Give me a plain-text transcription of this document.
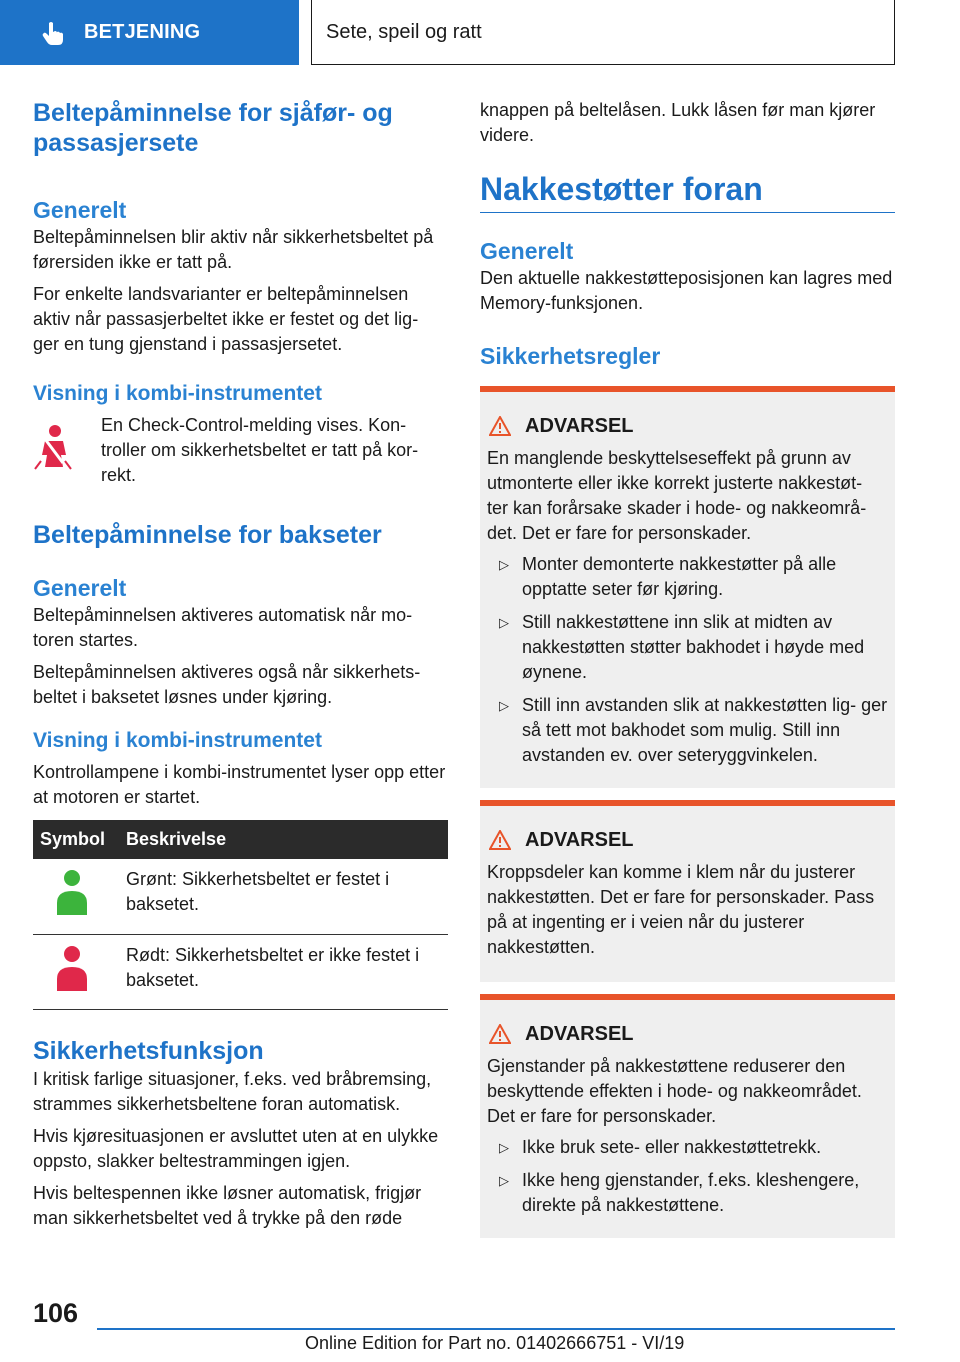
BETJENING	Sete, speil og ratt
Beltepåminnelse for sjåfør- og passasjersete
Generelt

Beltepåminnelsen blir aktiv når sikkerhetsbeltet på førersiden ikke er tatt på.

For enkelte landsvarianter er beltepåminnelsen aktiv når passasjerbeltet ikke er festet og det lig- ger en tung gjenstand i passasjersetet.

Visning i kombi-instrumentet

En Check-Control-melding vises. Kon- troller om sikkerhetsbeltet er tatt på kor- rekt.

Beltepåminnelse for bakseter
Generelt

Beltepåminnelsen aktiveres automatisk når mo- toren startes.

Beltepåminnelsen aktiveres også når sikkerhets- beltet i baksetet løsnes under kjøring.

Visning i kombi-instrumentet

Kontrollampene i kombi-instrumentet lyser opp etter at motoren er startet.

Symbol	Beskrivelse
	Grønt: Sikkerhetsbeltet er festet i baksetet.
	Rødt: Sikkerhetsbeltet er ikke festet i baksetet.
Sikkerhetsfunksjon

I kritisk farlige situasjoner, f.eks. ved bråbremsing, strammes sikkerhetsbeltene foran automatisk.

Hvis kjøresituasjonen er avsluttet uten at en ulykke oppsto, slakker beltestrammingen igjen.

Hvis beltespennen ikke løsner automatisk, frigjør man sikkerhetsbeltet ved å trykke på den røde

knappen på beltelåsen. Lukk låsen før man kjører videre.

Nakkestøtter foran
Generelt

Den aktuelle nakkestøtteposisjonen kan lagres med Memory-funksjonen.

Sikkerhetsregler
ADVARSEL

En manglende beskyttelseseffekt på grunn av utmonterte eller ikke korrekt justerte nakkestøt- ter kan forårsake skader i hode- og nakkeområ- det. Det er fare for personskader.

▷ Monter demonterte nakkestøtter på alle opptatte seter før kjøring.
▷ Still nakkestøttene inn slik at midten av nakkestøtten støtter bakhodet i høyde med øynene.
▷ Still inn avstanden slik at nakkestøtten lig- ger så tett mot bakhodet som mulig. Still inn avstanden ev. over seteryggvinkelen.
ADVARSEL

Kroppsdeler kan komme i klem når du justerer nakkestøtten. Det er fare for personskader. Pass på at ingenting er i veien når du justerer nakkestøtten.

ADVARSEL

Gjenstander på nakkestøttene reduserer den beskyttende effekten i hode- og nakkeområdet. Det er fare for personskader.

▷ Ikke bruk sete- eller nakkestøttetrekk.
▷ Ikke heng gjenstander, f.eks. kleshengere, direkte på nakkestøttene.
106
Online Edition for Part no. 01402666751 - VI/19
